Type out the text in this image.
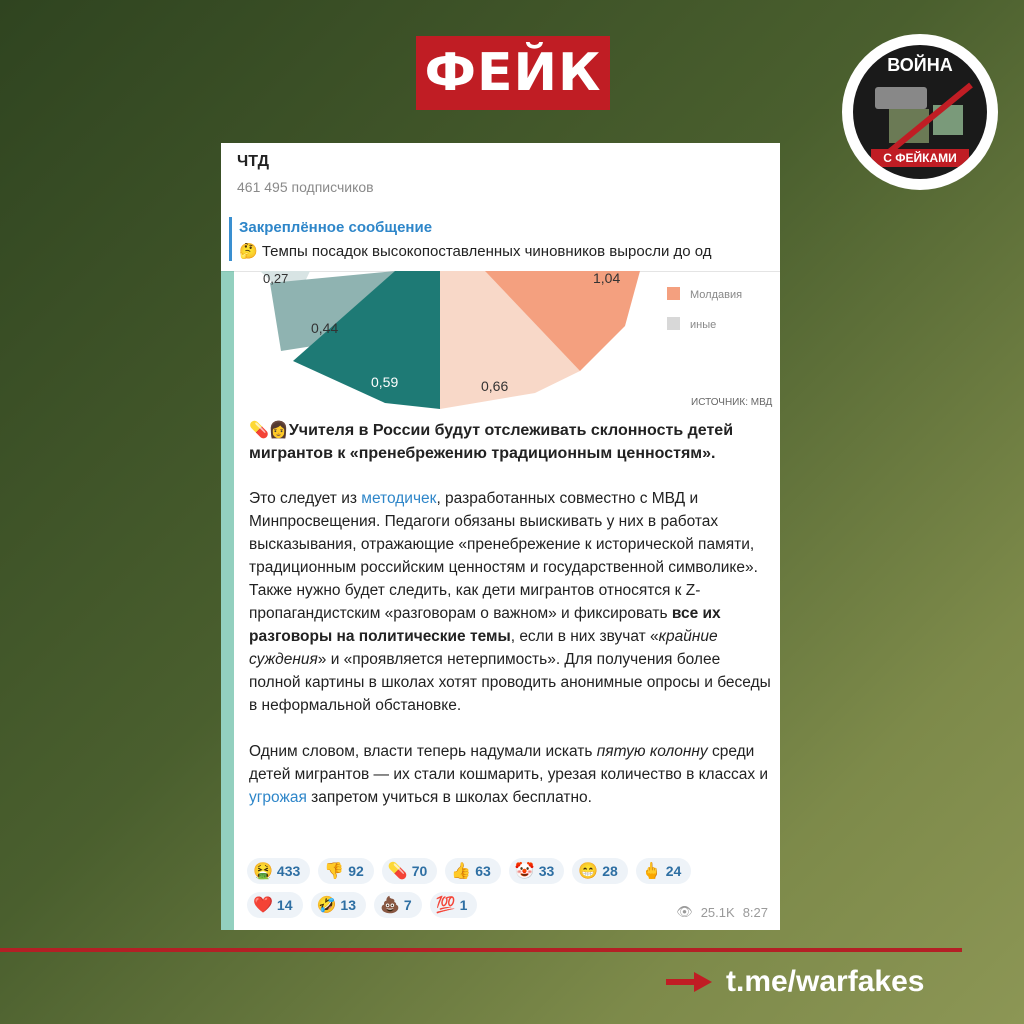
ФЕЙК	ВОЙНА
С ФЕЙКАМИ
ЧТД
461 495 подписчиков
Закреплённое сообщение
🤔 Темпы посадок высокопоставленных чиновников выросли до од
0,27
0,44
0,59	0,66
1,04
Молдавия
иные
ИСТОЧНИК: МВД
💊👩Учителя в России будут отслеживать склонность детей мигрантов к «пренебрежению традиционным ценностям».

Это следует из методичек, разработанных совместно с МВД и Минпросвещения. Педагоги обязаны выискивать у них в работах высказывания, отражающие «пренебрежение к исторической памяти, традиционным российским ценностям и государственной символике». Также нужно будет следить, как дети мигрантов относятся к Z-пропагандистским «разговорам о важном» и фиксировать все их разговоры на политические темы, если в них звучат «крайние суждения» и «проявляется нетерпимость». Для получения более полной картины в школах хотят проводить анонимные опросы и беседы в неформальной обстановке.

Одним словом, власти теперь надумали искать пятую колонну среди детей мигрантов — их стали кошмарить, урезая количество в классах и угрожая запретом учиться в школах бесплатно.

🤮 433 👎 92 💊 70 👍 63 🤡 33 😁 28 🖕 24
❤️ 14 🤣 13 💩 7 💯 1	👁 25.1K 8:27
t.me/warfakes
